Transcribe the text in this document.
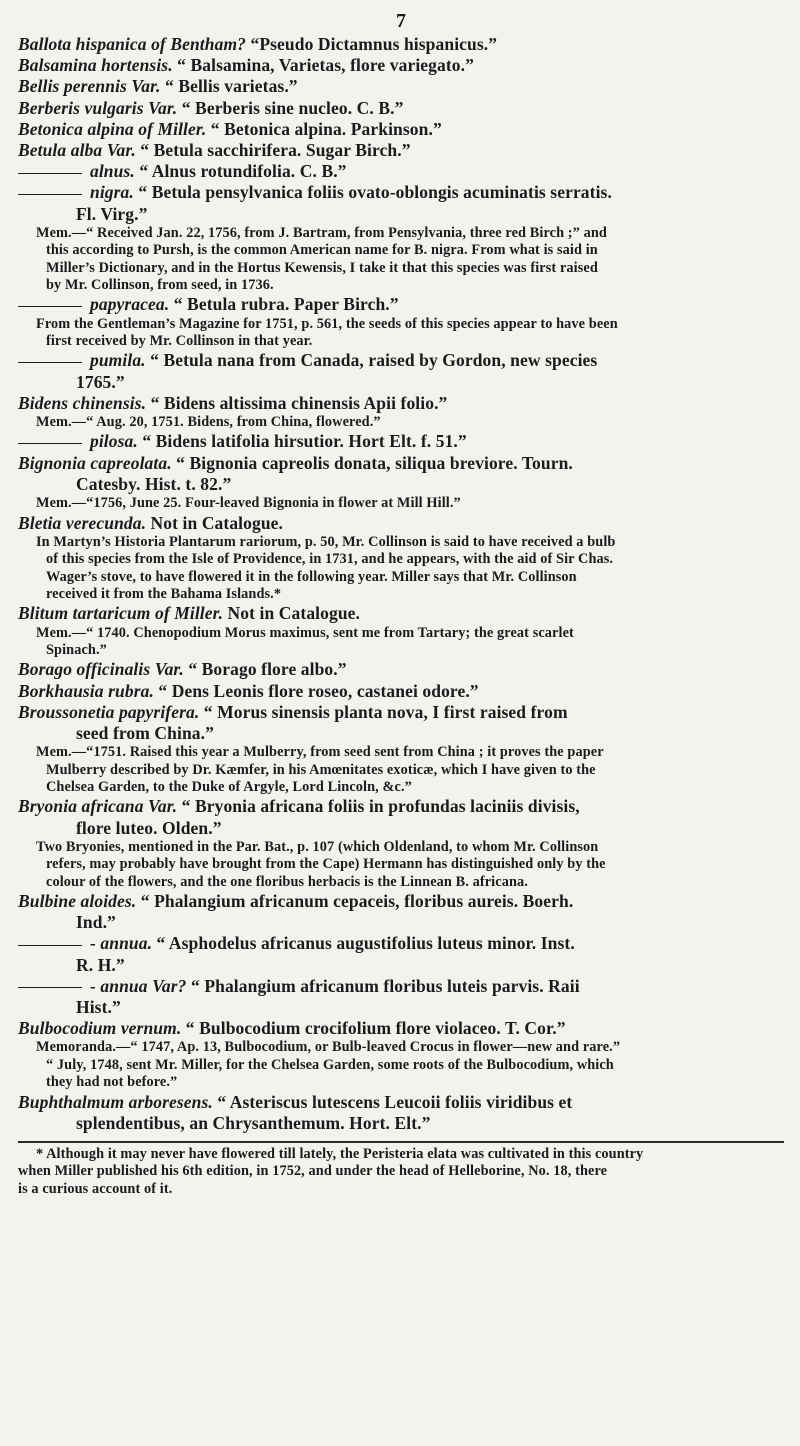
7
Ballota hispanica of Bentham? “Pseudo Dictamnus hispanicus.”
Balsamina hortensis. “ Balsamina, Varietas, flore variegato.”
Bellis perennis Var. “ Bellis varietas.”
Berberis vulgaris Var. “ Berberis sine nucleo. C. B.”
Betonica alpina of Miller. “ Betonica alpina. Parkinson.”
Betula alba Var. “ Betula sacchirifera. Sugar Birch.”
alnus. “ Alnus rotundifolia. C. B.”
nigra. “ Betula pensylvanica foliis ovato-oblongis acuminatis serratis.
Fl. Virg.”
Mem.—“ Received Jan. 22, 1756, from J. Bartram, from Pensylvania, three red Birch ;” and
this according to Pursh, is the common American name for B. nigra. From what is said in
Miller’s Dictionary, and in the Hortus Kewensis, I take it that this species was first raised
by Mr. Collinson, from seed, in 1736.
papyracea. “ Betula rubra. Paper Birch.”
From the Gentleman’s Magazine for 1751, p. 561, the seeds of this species appear to have been
first received by Mr. Collinson in that year.
pumila. “ Betula nana from Canada, raised by Gordon, new species
1765.”
Bidens chinensis. “ Bidens altissima chinensis Apii folio.”
Mem.—“ Aug. 20, 1751. Bidens, from China, flowered.”
pilosa. “ Bidens latifolia hirsutior. Hort Elt. f. 51.”
Bignonia capreolata. “ Bignonia capreolis donata, siliqua breviore. Tourn.
Catesby. Hist. t. 82.”
Mem.—“1756, June 25. Four-leaved Bignonia in flower at Mill Hill.”
Bletia verecunda. Not in Catalogue.
In Martyn’s Historia Plantarum rariorum, p. 50, Mr. Collinson is said to have received a bulb
of this species from the Isle of Providence, in 1731, and he appears, with the aid of Sir Chas.
Wager’s stove, to have flowered it in the following year. Miller says that Mr. Collinson
received it from the Bahama Islands.*
Blitum tartaricum of Miller. Not in Catalogue.
Mem.—“ 1740. Chenopodium Morus maximus, sent me from Tartary; the great scarlet
Spinach.”
Borago officinalis Var. “ Borago flore albo.”
Borkhausia rubra. “ Dens Leonis flore roseo, castanei odore.”
Broussonetia papyrifera. “ Morus sinensis planta nova, I first raised from
seed from China.”
Mem.—“1751. Raised this year a Mulberry, from seed sent from China ; it proves the paper
Mulberry described by Dr. Kæmfer, in his Amœnitates exoticæ, which I have given to the
Chelsea Garden, to the Duke of Argyle, Lord Lincoln, &c.”
Bryonia africana Var. “ Bryonia africana foliis in profundas laciniis divisis,
flore luteo. Olden.”
Two Bryonies, mentioned in the Par. Bat., p. 107 (which Oldenland, to whom Mr. Collinson
refers, may probably have brought from the Cape) Hermann has distinguished only by the
colour of the flowers, and the one floribus herbacis is the Linnean B. africana.
Bulbine aloides. “ Phalangium africanum cepaceis, floribus aureis. Boerh.
Ind.”
- annua. “ Asphodelus africanus augustifolius luteus minor. Inst.
R. H.”
- annua Var? “ Phalangium africanum floribus luteis parvis. Raii
Hist.”
Bulbocodium vernum. “ Bulbocodium crocifolium flore violaceo. T. Cor.”
Memoranda.—“ 1747, Ap. 13, Bulbocodium, or Bulb-leaved Crocus in flower—new and rare.”
“ July, 1748, sent Mr. Miller, for the Chelsea Garden, some roots of the Bulbocodium, which
they had not before.”
Buphthalmum arboresens. “ Asteriscus lutescens Leucoii foliis viridibus et
splendentibus, an Chrysanthemum. Hort. Elt.”
* Although it may never have flowered till lately, the Peristeria elata was cultivated in this country
when Miller published his 6th edition, in 1752, and under the head of Helleborine, No. 18, there
is a curious account of it.
